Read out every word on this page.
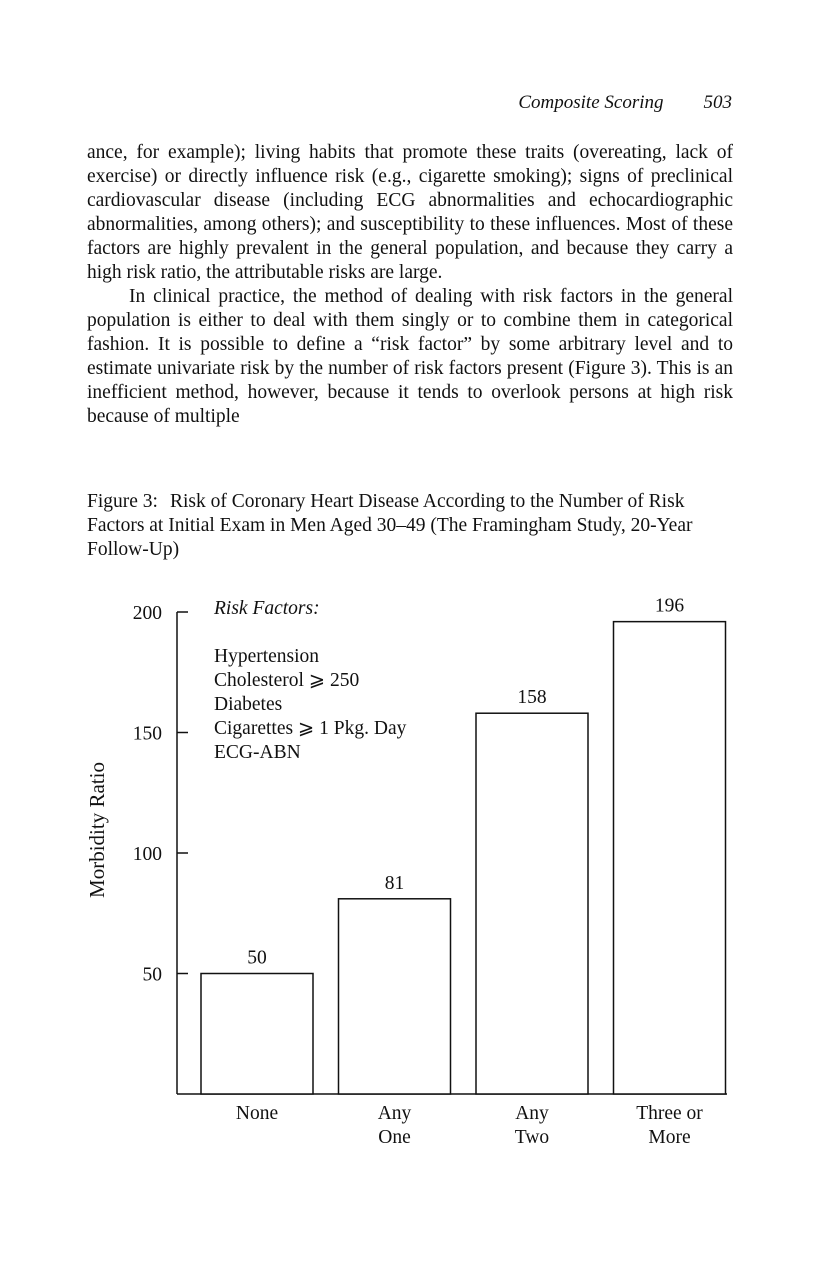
Composite Scoring 503

ance, for example); living habits that promote these traits (overeating, lack of exercise) or directly influence risk (e.g., cigarette smoking); signs of preclinical cardiovascular disease (including ECG abnormalities and echocardiographic abnormalities, among others); and susceptibility to these influences. Most of these factors are highly prevalent in the general population, and because they carry a high risk ratio, the attributable risks are large.

In clinical practice, the method of dealing with risk factors in the general population is either to deal with them singly or to combine them in categorical fashion. It is possible to define a “risk factor” by some arbitrary level and to estimate univariate risk by the number of risk factors present (Figure 3). This is an inefficient method, however, because it tends to overlook persons at high risk because of multiple

Figure 3: Risk of Coronary Heart Disease According to the Number of Risk Factors at Initial Exam in Men Aged 30–49 (The Framingham Study, 20-Year Follow-Up)
50
100
150
200
Morbidity Ratio
50
None
81
Any
One
158
Any
Two
196
Three or
More
Risk Factors:
Hypertension
Cholesterol ⩾ 250
Diabetes
Cigarettes ⩾ 1 Pkg. Day
ECG-ABN
